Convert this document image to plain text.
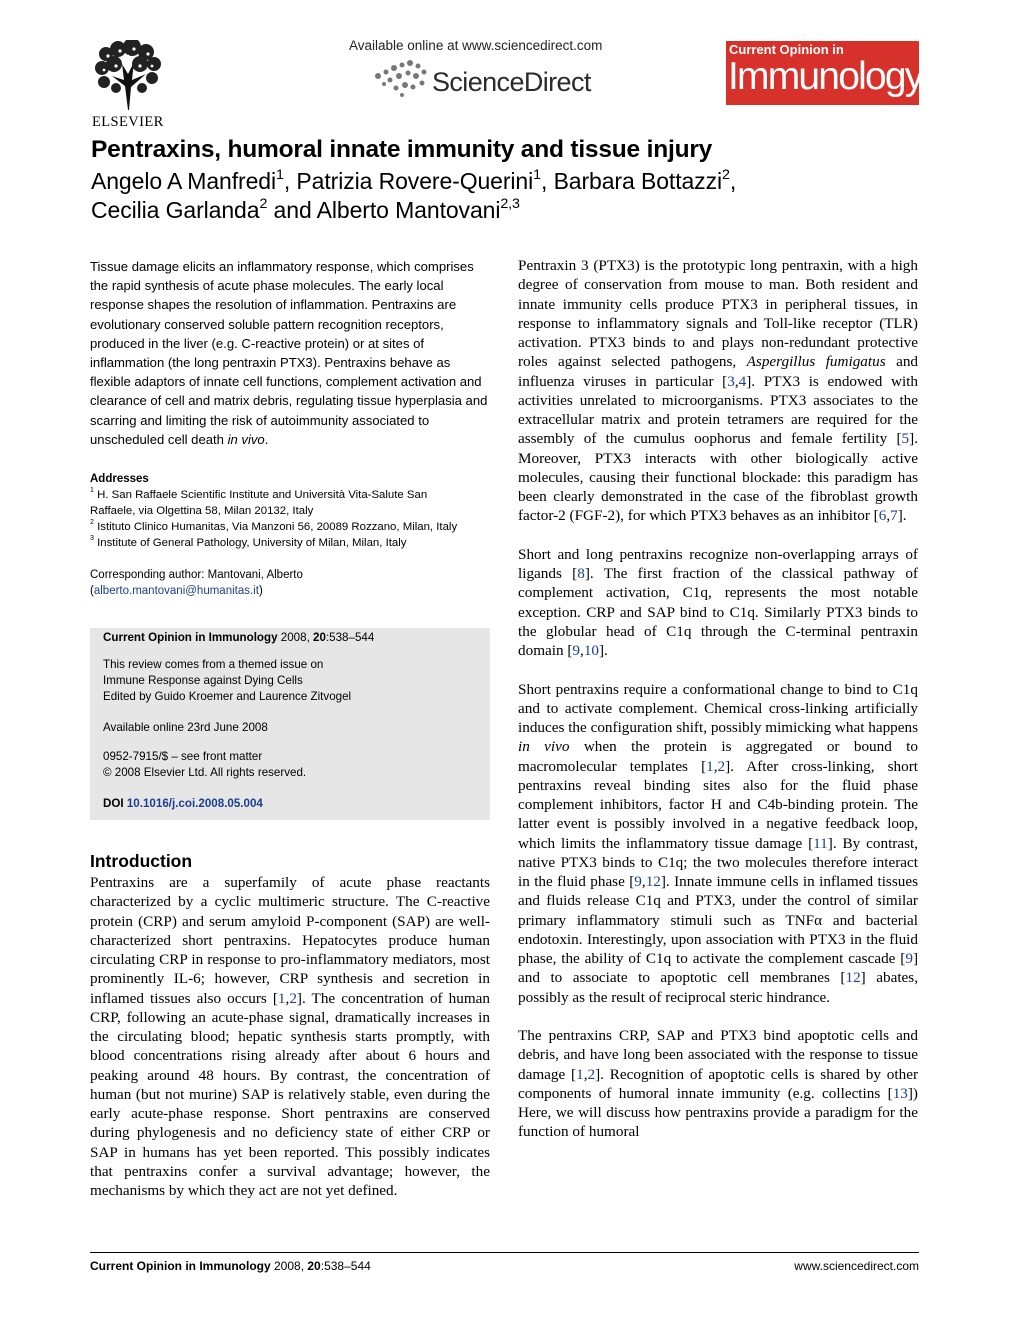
ELSEVIER
Available online at www.sciencedirect.com
ScienceDirect
Current Opinion in
Immunology
Pentraxins, humoral innate immunity and tissue injury
Angelo A Manfredi$^1$, Patrizia Rovere-Querini$^1$, Barbara Bottazzi$^2$,
Cecilia Garlanda$^2$ and Alberto Mantovani$^{2,3}$
Tissue damage elicits an inflammatory response, which comprises the rapid synthesis of acute phase molecules. The early local response shapes the resolution of inflammation. Pentraxins are evolutionary conserved soluble pattern recognition receptors, produced in the liver (e.g. C-reactive protein) or at sites of inflammation (the long pentraxin PTX3). Pentraxins behave as flexible adaptors of innate cell functions, complement activation and clearance of cell and matrix debris, regulating tissue hyperplasia and scarring and limiting the risk of autoimmunity associated to unscheduled cell death in vivo.
Addresses
$^1$ H. San Raffaele Scientific Institute and Università Vita-Salute San
Raffaele, via Olgettina 58, Milan 20132, Italy
$^2$ Istituto Clinico Humanitas, Via Manzoni 56, 20089 Rozzano, Milan, Italy
$^3$ Institute of General Pathology, University of Milan, Milan, Italy
Corresponding author: Mantovani, Alberto
(alberto.mantovani@humanitas.it)
Current Opinion in Immunology 2008, 20:538–544
This review comes from a themed issue on
Immune Response against Dying Cells
Edited by Guido Kroemer and Laurence Zitvogel
Available online 23rd June 2008
0952-7915/$ – see front matter
© 2008 Elsevier Ltd. All rights reserved.
DOI 10.1016/j.coi.2008.05.004
Introduction
Pentraxins are a superfamily of acute phase reactants characterized by a cyclic multimeric structure. The C-reactive protein (CRP) and serum amyloid P-component (SAP) are well-characterized short pentraxins. Hepatocytes produce human circulating CRP in response to pro-inflammatory mediators, most prominently IL-6; however, CRP synthesis and secretion in inflamed tissues also occurs [1,2]. The concentration of human CRP, following an acute-phase signal, dramatically increases in the circulating blood; hepatic synthesis starts promptly, with blood concentrations rising already after about 6 hours and peaking around 48 hours. By contrast, the concentration of human (but not murine) SAP is relatively stable, even during the early acute-phase response. Short pentraxins are conserved during phylogenesis and no deficiency state of either CRP or SAP in humans has yet been reported. This possibly indicates that pentraxins confer a survival advantage; however, the mechanisms by which they act are not yet defined.

Pentraxin 3 (PTX3) is the prototypic long pentraxin, with a high degree of conservation from mouse to man. Both resident and innate immunity cells produce PTX3 in peripheral tissues, in response to inflammatory signals and Toll-like receptor (TLR) activation. PTX3 binds to and plays non-redundant protective roles against selected pathogens, Aspergillus fumigatus and influenza viruses in particular [3,4]. PTX3 is endowed with activities unrelated to microorganisms. PTX3 associates to the extracellular matrix and protein tetramers are required for the assembly of the cumulus oophorus and female fertility [5]. Moreover, PTX3 interacts with other biologically active molecules, causing their functional blockade: this paradigm has been clearly demonstrated in the case of the fibroblast growth factor-2 (FGF-2), for which PTX3 behaves as an inhibitor [6,7].

Short and long pentraxins recognize non-overlapping arrays of ligands [8]. The first fraction of the classical pathway of complement activation, C1q, represents the most notable exception. CRP and SAP bind to C1q. Similarly PTX3 binds to the globular head of C1q through the C-terminal pentraxin domain [9,10].

Short pentraxins require a conformational change to bind to C1q and to activate complement. Chemical cross-linking artificially induces the configuration shift, possibly mimicking what happens in vivo when the protein is aggregated or bound to macromolecular templates [1,2]. After cross-linking, short pentraxins reveal binding sites also for the fluid phase complement inhibitors, factor H and C4b-binding protein. The latter event is possibly involved in a negative feedback loop, which limits the inflammatory tissue damage [11]. By contrast, native PTX3 binds to C1q; the two molecules therefore interact in the fluid phase [9,12]. Innate immune cells in inflamed tissues and fluids release C1q and PTX3, under the control of similar primary inflammatory stimuli such as TNFα and bacterial endotoxin. Interestingly, upon association with PTX3 in the fluid phase, the ability of C1q to activate the complement cascade [9] and to associate to apoptotic cell membranes [12] abates, possibly as the result of reciprocal steric hindrance.

The pentraxins CRP, SAP and PTX3 bind apoptotic cells and debris, and have long been associated with the response to tissue damage [1,2]. Recognition of apoptotic cells is shared by other components of humoral innate immunity (e.g. collectins [13]) Here, we will discuss how pentraxins provide a paradigm for the function of humoral

Current Opinion in Immunology 2008, 20:538–544	www.sciencedirect.com
